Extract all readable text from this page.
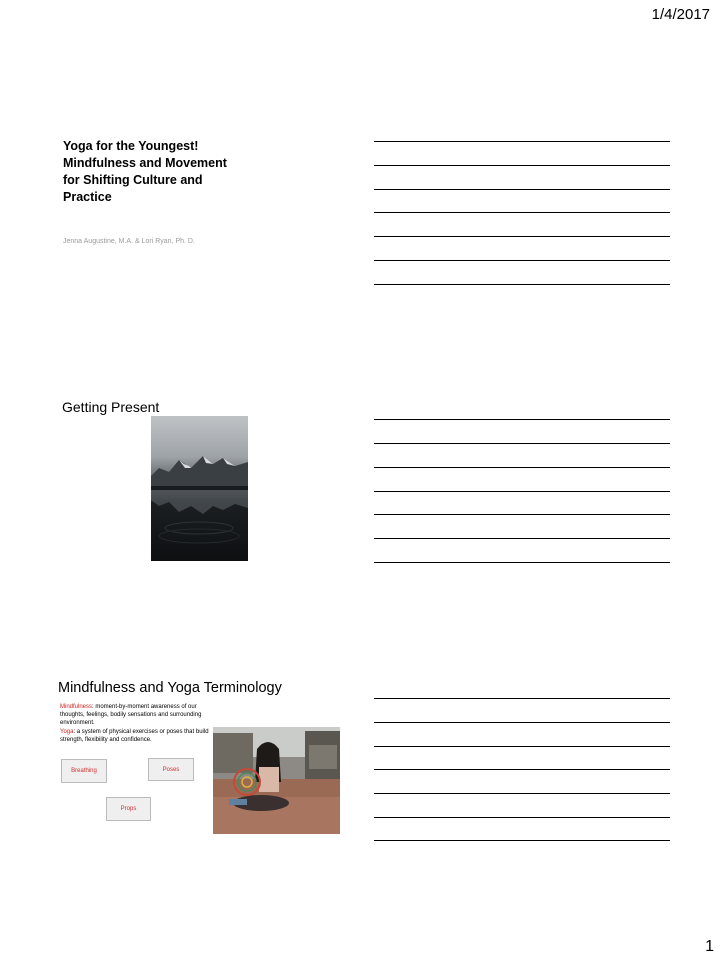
1/4/2017
Yoga for the Youngest! Mindfulness and Movement for Shifting Culture and Practice
Jenna Augustine, M.A. & Lori Ryan, Ph. D.
Getting Present
Mindfulness and Yoga Terminology
Mindfulness: moment-by-moment awareness of our thoughts, feelings, bodily sensations and surrounding environment.
Yoga: a system of physical exercises or poses that build strength, flexibility and confidence.
Breathing	Poses
Props
1
